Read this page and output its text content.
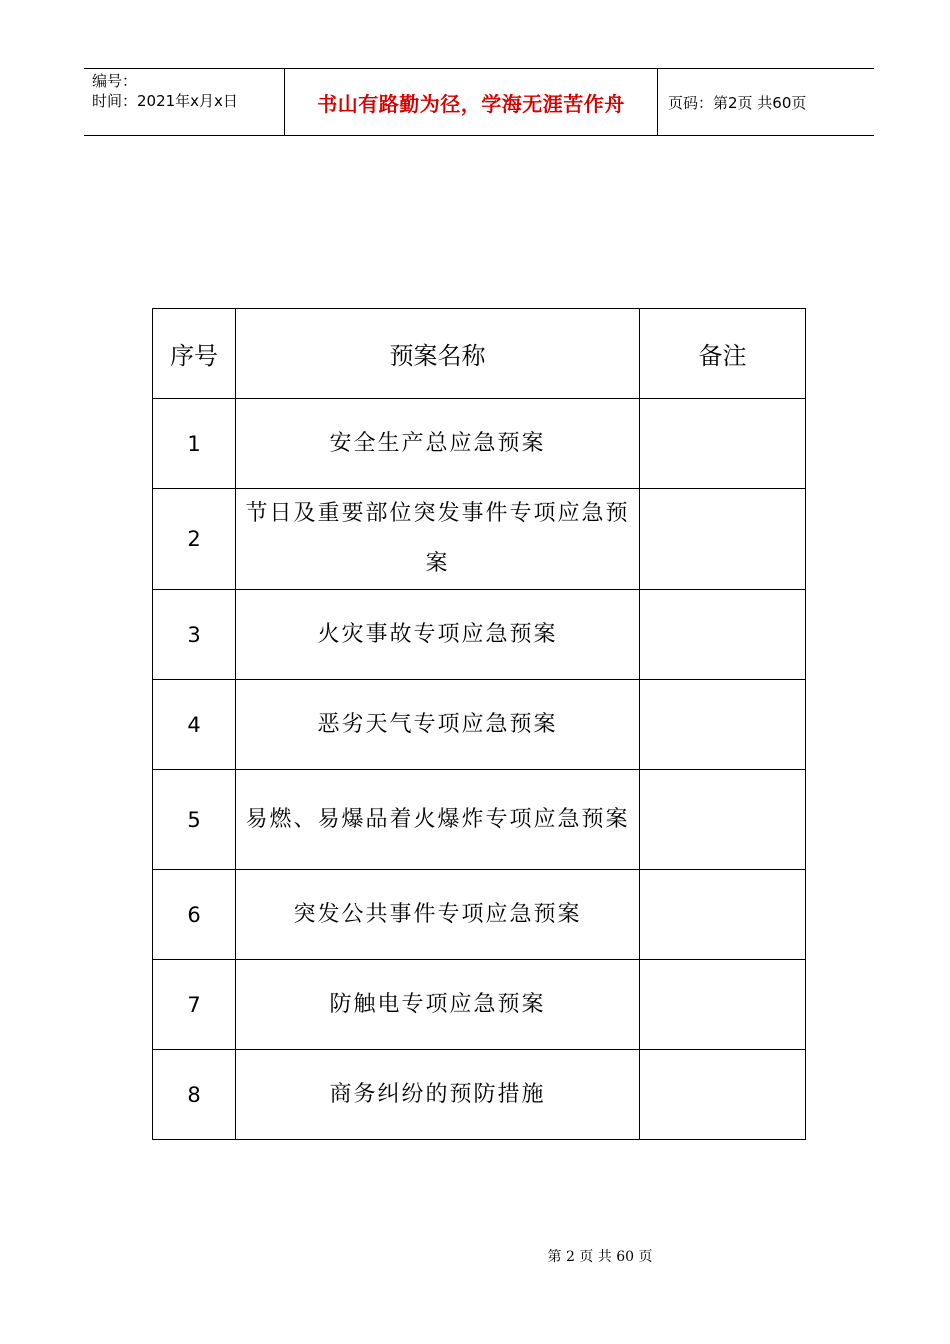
编号：
时间：2021年x月x日	书山有路勤为径，学海无涯苦作舟	页码：第2页 共60页
序号	预案名称	备注
1	安全生产总应急预案	
2	节日及重要部位突发事件专项应急预案	
3	火灾事故专项应急预案	
4	恶劣天气专项应急预案	
5	易燃、易爆品着火爆炸专项应急预案	
6	突发公共事件专项应急预案	
7	防触电专项应急预案	
8	商务纠纷的预防措施	
第 2 页 共 60 页
